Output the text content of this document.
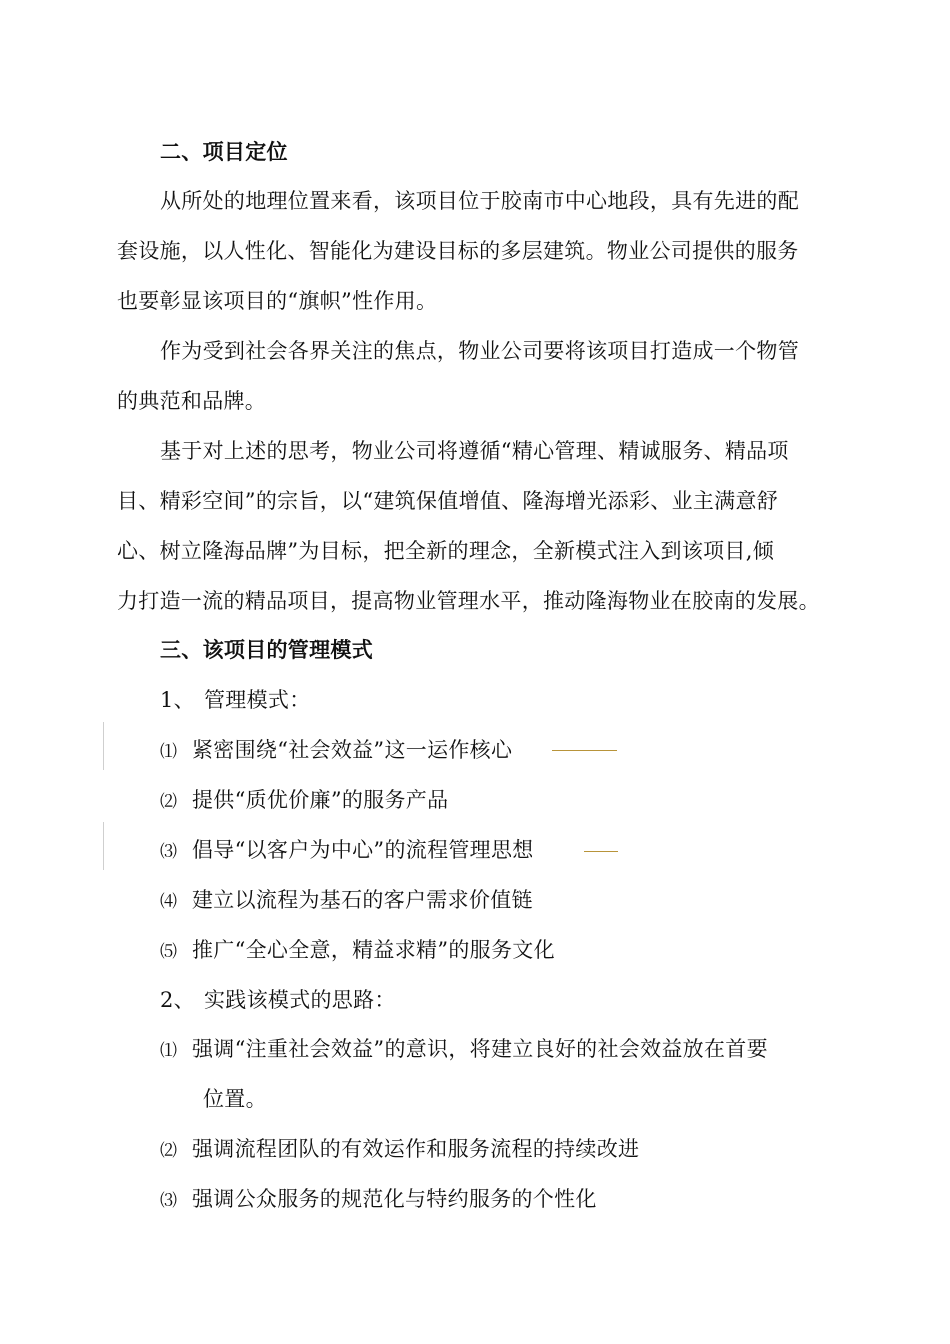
二、项目定位
从所处的地理位置来看，该项目位于胶南市中心地段，具有先进的配
套设施，以人性化、智能化为建设目标的多层建筑。物业公司提供的服务
也要彰显该项目的“旗帜”性作用。
作为受到社会各界关注的焦点，物业公司要将该项目打造成一个物管
的典范和品牌。
基于对上述的思考，物业公司将遵循“精心管理、精诚服务、精品项
目、精彩空间”的宗旨，以“建筑保值增值、隆海增光添彩、业主满意舒
心、树立隆海品牌”为目标，把全新的理念，全新模式注入到该项目,倾
力打造一流的精品项目，提高物业管理水平，推动隆海物业在胶南的发展。
三、该项目的管理模式
1、 管理模式：
⑴ 紧密围绕“社会效益”这一运作核心
⑵ 提供“质优价廉”的服务产品
⑶ 倡导“以客户为中心”的流程管理思想
⑷ 建立以流程为基石的客户需求价值链
⑸ 推广“全心全意，精益求精”的服务文化
2、 实践该模式的思路：
⑴ 强调“注重社会效益”的意识，将建立良好的社会效益放在首要
位置。
⑵ 强调流程团队的有效运作和服务流程的持续改进
⑶ 强调公众服务的规范化与特约服务的个性化
